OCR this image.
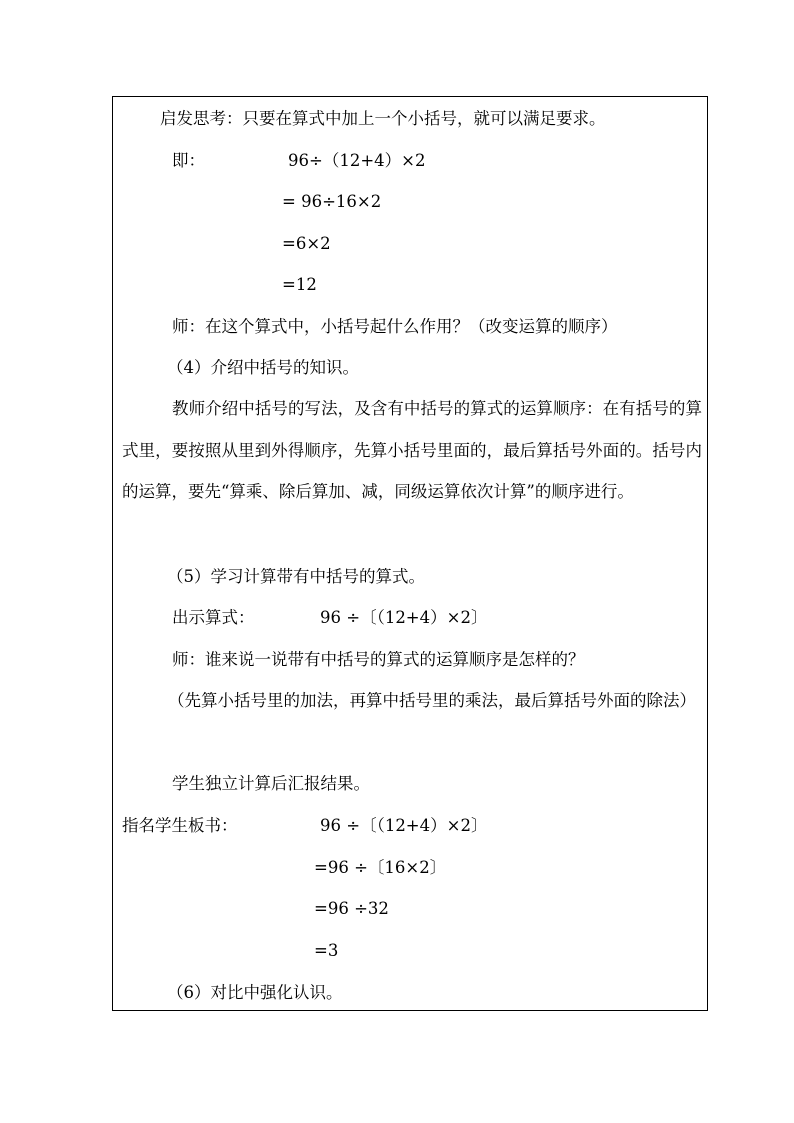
启发思考：只要在算式中加上一个小括号，就可以满足要求。
即：	96÷（12+4）×2
= 96÷16×2
=6×2
=12
师：在这个算式中，小括号起什么作用？（改变运算的顺序）
（4）介绍中括号的知识。
教师介绍中括号的写法，及含有中括号的算式的运算顺序：在有括号的算式里，要按照从里到外得顺序，先算小括号里面的，最后算括号外面的。括号内的运算，要先“算乘、除后算加、减，同级运算依次计算”的顺序进行。
（5）学习计算带有中括号的算式。
出示算式：	96 ÷〔（12+4）×2〕
师：谁来说一说带有中括号的算式的运算顺序是怎样的？
（先算小括号里的加法，再算中括号里的乘法，最后算括号外面的除法）
学生独立计算后汇报结果。
指名学生板书：	96 ÷〔（12+4）×2〕
=96 ÷〔16×2〕
=96 ÷32
=3
（6）对比中强化认识。
